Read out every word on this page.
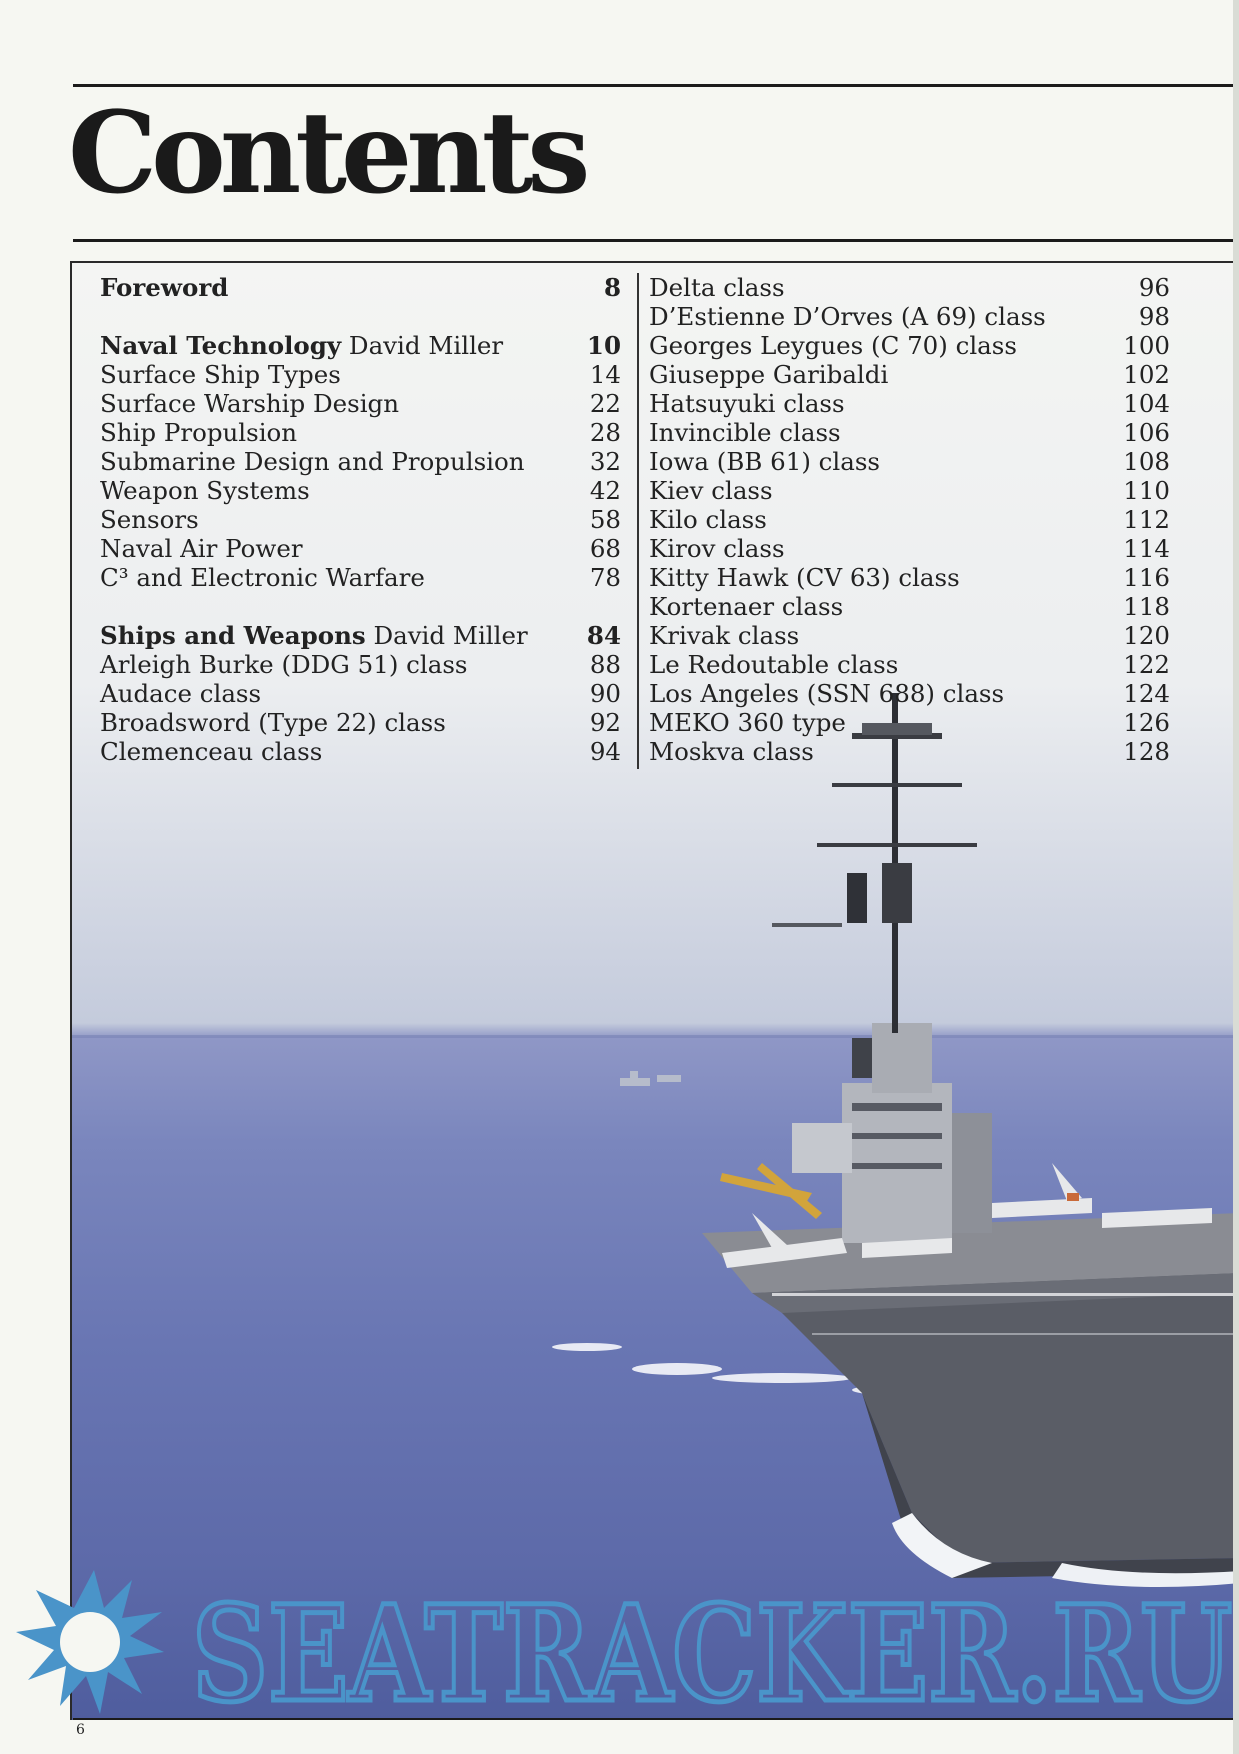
Contents
Foreword	8
Naval Technology David Miller	10
Surface Ship Types	14
Surface Warship Design	22
Ship Propulsion	28
Submarine Design and Propulsion	32
Weapon Systems	42
Sensors	58
Naval Air Power	68
C³ and Electronic Warfare	78
Ships and Weapons David Miller 84
Arleigh Burke (DDG 51) class	88
Audace class	90
Broadsword (Type 22) class	92
Clemenceau class	94
Delta class	96
D’Estienne D’Orves (A 69) class	98
Georges Leygues (C 70) class	100
Giuseppe Garibaldi	102
Hatsuyuki class	104
Invincible class	106
Iowa (BB 61) class	108
Kiev class	110
Kilo class	112
Kirov class	114
Kitty Hawk (CV 63) class	116
Kortenaer class	118
Krivak class	120
Le Redoutable class	122
Los Angeles (SSN 688) class	124
MEKO 360 type	126
Moskva class	128
SEATRACKER.RU
6
